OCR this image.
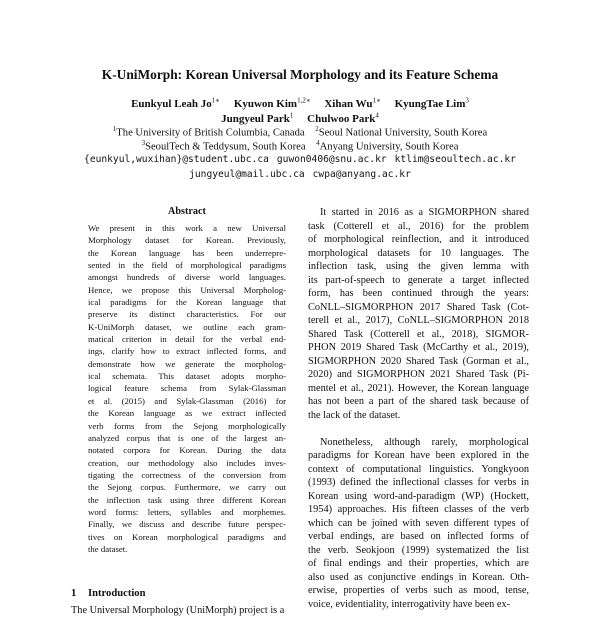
K-UniMorph: Korean Universal Morphology and its Feature Schema
Eunkyul Leah $Jo^{1∗}$ Kyuwon Kim$^{1,2∗}$ Xihan $Wu^{1∗}$ KyungTae Lim$^3$
Jungyeul Park$^1$ Chulwoo Park$^4$
$^1$The University of British Columbia, Canada $^2$Seoul National University, South Korea
$^3$SeoulTech & Teddysum, South Korea $^4$Anyang University, South Korea
{eunkyul,wuxihan}@student.ubc.ca guwon0406@snu.ac.kr ktlim@seoultech.ac.kr
jungyeul@mail.ubc.ca cwpa@anyang.ac.kr
Abstract
We present in this work a new Universal
Morphology dataset for Korean. Previously,
the Korean language has been underrepre-
sented in the field of morphological paradigms
amongst hundreds of diverse world languages.
Hence, we propose this Universal Morpholog-
ical paradigms for the Korean language that
preserve its distinct characteristics. For our
K-UniMorph dataset, we outline each gram-
matical criterion in detail for the verbal end-
ings, clarify how to extract inflected forms, and
demonstrate how we generate the morpholog-
ical schemata. This dataset adopts morpho-
logical feature schema from Sylak-Glassman
et al. (2015) and Sylak-Glassman (2016) for
the Korean language as we extract inflected
verb forms from the Sejong morphologically
analyzed corpus that is one of the largest an-
notated corpora for Korean. During the data
creation, our methodology also includes inves-
tigating the correctness of the conversion from
the Sejong corpus. Furthermore, we carry out
the inflection task using three different Korean
word forms: letters, syllables and morphemes.
Finally, we discuss and describe future perspec-
tives on Korean morphological paradigms and
the dataset.
It started in 2016 as a SIGMORPHON shared
task (Cotterell et al., 2016) for the problem
of morphological reinflection, and it introduced
morphological datasets for 10 languages. The
inflection task, using the given lemma with
its part-of-speech to generate a target inflected
form, has been continued through the years:
CoNLL–SIGMORPHON 2017 Shared Task (Cot-
terell et al., 2017), CoNLL–SIGMORPHON 2018
Shared Task (Cotterell et al., 2018), SIGMOR-
PHON 2019 Shared Task (McCarthy et al., 2019),
SIGMORPHON 2020 Shared Task (Gorman et al.,
2020) and SIGMORPHON 2021 Shared Task (Pi-
mentel et al., 2021). However, the Korean language
has not been a part of the shared task because of
the lack of the dataset.
Nonetheless, although rarely, morphological
paradigms for Korean have been explored in the
context of computational linguistics. Yongkyoon
(1993) defined the inflectional classes for verbs in
Korean using word-and-paradigm (WP) (Hockett,
1954) approaches. His fifteen classes of the verb
which can be joined with seven different types of
verbal endings, are based on inflected forms of
the verb. Seokjoon (1999) systematized the list
of final endings and their properties, which are
also used as conjunctive endings in Korean. Oth-
erwise, properties of verbs such as mood, tense,
voice, evidentiality, interrogativity have been ex-
1 Introduction
The Universal Morphology (UniMorph) project is a
